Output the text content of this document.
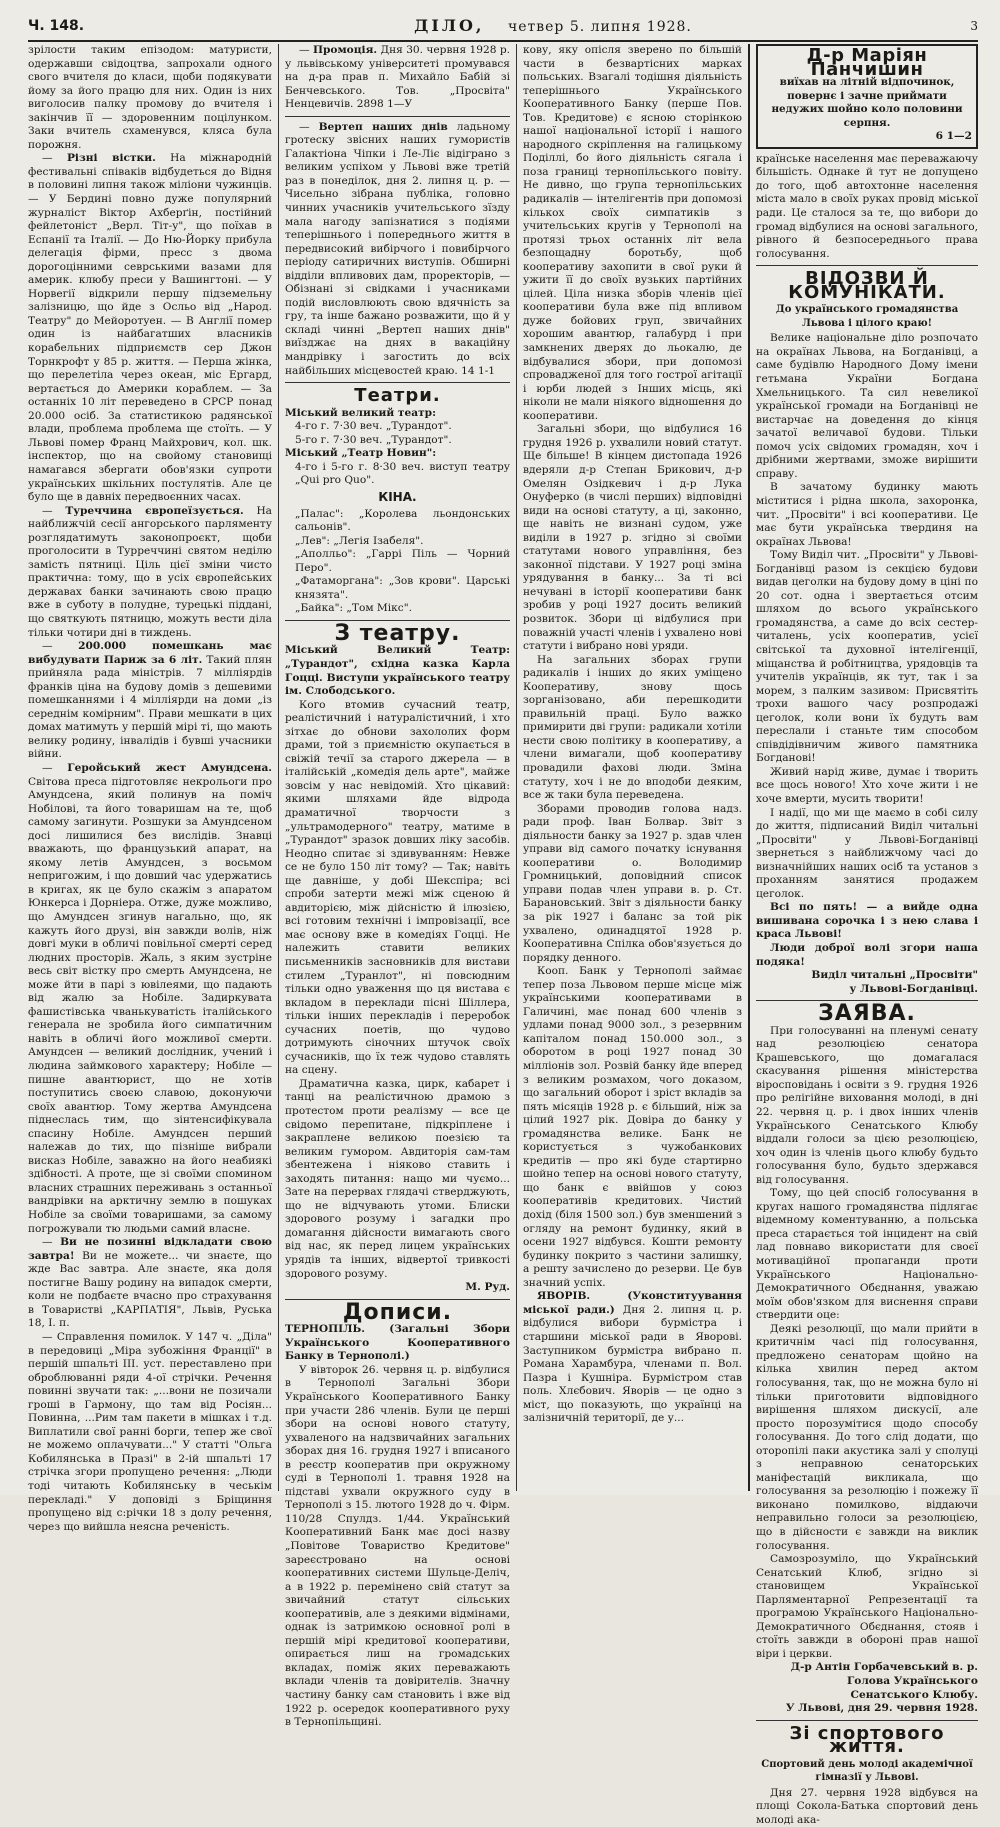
Ч. 148.	ДІЛО, четвер 5. липня 1928.	3

зрілости таким епізодом: матуристи, одержавши свідоцтва, запрохали одного свого вчителя до класи, щоби подякувати йому за його працю для них. Один із них виголосив палку промову до вчителя і закінчив її — здоровенним поцілунком. Заки вчитель схаменувся, кляса була порожня.

— Різні вістки. На міжнародній фестивальні співаків відбудеться до Відня в половині липня також міліони чужинців. — У Бердині повно дуже популярний журналіст Віктор Ахберґін, постійний фейлетоніст „Верл. Тіт-у", що поїхав в Еспанії та Італії. — До Ню-Йорку прибула делегація фірми, пресс з двома дорогоцінними севрськими вазами для америк. клюбу преси у Вашингтоні. — У Норвегії відкрили першу підземельну залізницю, що йде з Осльо від „Народ. Театру" до Мейоротуен. — В Англії помер один із найбагатших власників корабельних підприємств сер Джон Торнкрофт у 85 р. життя. — Перша жінка, що перелетіла через океан, міс Ергард, вертається до Америки кораблем. — За останніх 10 літ переведено в СРСР понад 20.000 осіб. За статистикою радянської влади, проблема проблема ще стоїть. — У Львові помер Франц Майхрович, кол. шк. інспектор, що на свойому становищі намагався збергати обов'язки супроти українських шкільних постулятів. Але це було ще в давніх передвоєнних часах.

— Туреччина європеїзується. На найближчій сесії ангорського парляменту розглядатимуть законопроєкт, щоби проголосити в Турреччині святом неділю замість пятниці. Ціль цієї зміни чисто практична: тому, що в усіх європейських державах банки зачинають свою працю вже в суботу в полудне, турецькі піддані, що святкують пятницю, можуть вести діла тільки чотири дні в тиждень.

— 200.000 помешкань має вибудувати Париж за 6 літ. Такий плян прийняла рада міністрів. 7 мілліярдів франків ціна на будову домів з дешевими помешканнями і 4 мілліярди на доми „із середнім комірним". Прави мешкати в цих домах матимуть у першій мірі ті, що мають велику родину, інвалідів і бувші учасники війни.

— Геройський жест Амундсена. Світова преса підготовляє некрольоги про Амундсена, який полинув на поміч Нобілові, та його товаришам на те, щоб самому загинути. Розшуки за Амундсеном досі лишилися без вислідів. Знавці вважають, що французький апарат, на якому летів Амундсен, з восьмом непригожим, і що довший час удержатись в кригах, як це було скажім з апаратом Юнкерса і Дорніера. Отже, дуже можливо, що Амундсен згинув нагально, що, як кажуть його друзі, він завжди волів, ніж довгі муки в обличі повільної смерті серед людних просторів. Жаль, з яким зустріне весь світ вістку про смерть Амундсена, не може йти в парі з ювілеями, що падають від жалю за Нобіле. Задиркувата фашистівська чванькуватість італійського генерала не зробила його симпатичним навіть в обличі його можливої смерти. Амундсен — великий дослідник, учений і людина займкового характеру; Нобіле — пишне авантюрист, що не хотів поступитись своєю славою, доконуючи своїх авантюр. Тому жертва Амундсена піднеслась тим, що зінтенсифікувала спасину Нобіле. Амундсен перший належав до тих, що пізніше вибрали висказ Нобіле, заважно на його неабиякі здібності. А проте, ще зі своїми спомином власних страшних переживань з останньої вандрівки на арктичну землю в пошуках Нобіле за своїми товаришами, за самому погрожували тю людьми самий власне.

— Ви не позинні відкладати свою завтра! Ви не можете... чи знаєте, що жде Вас завтра. Але знаєте, яка доля постигне Вашу родину на випадок смерти, коли не подбаєте вчасно про страхування в Товаристві „КАРПАТІЯ", Львів, Руська 18, I. п.

— Справлення помилок. У 147 ч. „Діла" в передовиці „Міра зубожіння Франції" в першій шпальті III. уст. переставлено при оброблюванні ряди 4-ої стрічки. Речення повинні звучати так: „...вони не позичали гроші в Гармону, що там від Росіян... Повинна, ...Рим там пакети в мішках і т.д. Виплатили свої ранні борги, тепер же свої не можемо оплачувати..." У статті "Ольга Кобилянська в Празі" в 2-ій шпальті 17 стрічка згори пропущено речення: „Люди тоді читають Кобилянську в чеськім перекладі." У доповіді з Бріщиння пропущено від с:річки 18 з долу речення, через що вийшла неясна реченість.

— Промоція. Дня 30. червня 1928 р. у львівському університеті промувався на д-ра прав п. Михайло Бабій зі Бенчевського. Тов. „Просвіта" Ненцевичів. 2898 1—У

— Вертеп наших днів ладьному гротеску звісних наших гумористів Галактіона Чіпки і Ле-Ліє відіграно з великим успіхом у Львові вже третій раз в понеділок, дня 2. липня ц. р. — Чисельно зібрана публіка, головно чинних учасників учительського зїзду мала нагоду запізнатися з подіями теперішнього і попереднього життя в передвисокий вибірчого і повибірчого періоду сатиричних виступів. Обширні відділи впливових дам, проректорів, — Обізнані зі свідками і учасниками подій висловлюють свою вдячність за гру, та інше бажано розважити, що й у складі чинні „Вертеп наших днів" виїзджає на днях в вакаційну мандрівку і загостить до всіх найбільших місцевостей краю. 14 1-1

Театри.

Міський великий театр:

4-го г. 7·30 веч. „Турандот".

5-го г. 7·30 веч. „Турандот".

Міський „Театр Новин":

4-го і 5-го г. 8·30 веч. виступ театру „Qui pro Quo".

КІНА.

„Палас": „Королева льондонських сальонів".

„Лев": „Легія Ізабеля".

„Аполльо": „Гаррі Піль — Чорний Перо".

„Фатаморгана": „Зов крови". Царські князята".

„Байка": „Том Мікс".

З театру.

Міський Великий Театр: „Турандот", східна казка Карла Гоцці. Виступи українського театру ім. Слободського.

Кого втомив сучасний театр, реалістичний і натуралістичний, і хто зітхає до обнови захололих форм драми, той з приємністю окупається в свіжій течії за старого джерела — в італійській „комедія дель арте", майже зовсім у нас невідомій. Хто цікавий: якими шляхами йде відрода драматичної творчости з „ультрамодерного" театру, матиме в „Турандот" зразок довших ліку засобів. Неодно спитає зі здивуванням: Невже се не було 150 літ тому? — Так; навіть ще давніше, у добі Шекспіра; всі спроби затерти межі між сценою й авдиторією, між дійсністю й ілюзією, всі готовим технічні і імпровізації, все має основу вже в комедіях Гоцці. Не належить ставити великих письменників засновників для вистави стилем „Туранлот", ні повсюдним тільки одно уваження що ця вистава є вкладом в переклади пісні Шіллера, тільки інших перекладів і переробок сучасних поетів, що чудово дотримують сіночних штучок своїх сучасників, що їх теж чудово ставлять на сцену.

Драматична казка, цирк, кабарет і танці на реалістичною драмою з протестом проти реалізму — все це свідомо перепитане, підкріплене і закраплене великою поезією та великим гумором. Авдиторія сам-там збентежена і ніяково ставить і заходять питання: нащо ми чуємо... Зате на перервах глядачі стверджують, що не відчувають утоми. Блиски здорового розуму і загадки про домагання дійсности вимагають свого від нас, як перед лицем українських урядів та інших, відвертої тривкості здорового розуму.

М. Руд.

Дописи.

ТЕРНОПІЛЬ. (Загальні Збори Українського Кооперативного Банку в Тернополі.)

У вівторок 26. червня ц. р. відбулися в Тернополі Загальні Збори Українського Кооперативного Банку при участи 286 членів. Були це перші збори на основі нового статуту, ухваленого на надзвичайних загальних зборах дня 16. грудня 1927 і вписаного в реєстр кооператив при окружному суді в Тернополі 1. травня 1928 на підставі ухвали окружного суду в Тернополі з 15. лютого 1928 до ч. Фірм. 110/28 Спулдз. 1/44. Український Кооперативний Банк має досі назву „Повітове Товариство Кредитове" зареєстровано на основі кооперативних системи Шульце-Деліч, а в 1922 р. перемінено свій статут за звичайний статут сільських кооперативів, але з деякими відмінами, однак із затримкою основної ролі в першій мірі кредитової кооперативи, опирається лиш на громадських вкладах, поміж яких переважають вклади членів та довірителів. Значну частину банку сам становить і вже від 1922 р. осередок кооперативного руху в Тернопільщині.

кову, яку опісля зверено по більшій части в безвартісних марках польських. Взагалі тодішня діяльність теперішнього Українського Кооперативного Банку (перше Пов. Тов. Кредитове) є ясною сторінкою нашої національної історії і нашого народного скріплення на галицькому Поділлі, бо його діяльність сягала і поза границі тернопільського повіту. Не дивно, що група тернопільських радикалів — інтелігентів при допомозі кількох своїх симпатиків з учительських кругів у Тернополі на протязі трьох останніх літ вела безпощадну боротьбу, щоб кооперативу захопити в свої руки й ужити її до своїх вузьких партійних цілей. Ціла низка зборів членів цієї кооперативи була вже під впливом дуже бойових груп, звичайних хорошим авантюр, галабурд і при замкнених дверях до льокалю, де відбувалися збори, при допомозі спровадженої для того гострої агітації і юрби людей з Інших місць, які ніколи не мали ніякого відношення до кооперативи.

Загальні збори, що відбулися 16 грудня 1926 р. ухвалили новий статут. Ще більше! В кінцем дистопада 1926 вдеряли д-р Степан Брикович, д-р Омелян Озідкевич і д-р Лука Онуферко (в числі перших) відповідні види на основі статуту, а ці, законно, ще навіть не визнані судом, уже виділи в 1927 р. згідно зі своїми статутами нового управління, без законної підстави. У 1927 році зміна урядування в банку... За ті всі нечувані в історії кооперативи банк зробив у році 1927 досить великий розвиток. Збори ці відбулися при поважній участі членів і ухвалено нові статути і вибрано нові уряди.

На загальних зборах групи радикалів і інших до яких уміщено Кооперативу, знову щось зорганізовано, аби перешкодити правильній праці. Було важко примирити дві групи: радикали хотіли нести свою політику в кооперативу, а члени вимагали, щоб кооперативу провадили фахові люди. Зміна статуту, хоч і не до вподоби деяким, все ж таки була переведена.

Зборами проводив голова надз. ради проф. Іван Болвар. Звіт з діяльности банку за 1927 р. здав член управи від самого початку існування кооперативи о. Володимир Громницький, доповідний список управи подав член управи в. р. Ст. Барановський. Звіт з діяльности банку за рік 1927 і баланс за той рік ухвалено, одинадцятої 1928 р. Кооперативна Спілка обов'язується до порядку денного.

Кооп. Банк у Тернополі займає тепер поза Львовом перше місце між українськими кооперативами в Галичині, має понад 600 членів з удлами понад 9000 зол., з резервним капіталом понад 150.000 зол., з оборотом в році 1927 понад 30 мілліонів зол. Розвій банку йде вперед з великим розмахом, чого доказом, що загальний оборот і зріст вкладів за пять місяців 1928 р. є більший, ніж за цілий 1927 рік. Довіра до банку у громадянства велике. Банк не користується з чужобанкових кредитів — про які буде стартирно шойно тепер на основі нового статуту, що банк є ввійшов у союз кооперативів кредитових. Чистий дохід (біля 1500 зол.) був зменшений з огляду на ремонт будинку, який в осени 1927 відбувся. Кошти ремонту будинку покрито з частини залишку, а решту зачислено до резерви. Це був значний успіх.

ЯВОРІВ. (Уконституування міської ради.) Дня 2. липня ц. р. відбулися вибори бурмістра і старшини міської ради в Яворові. Заступником бурмістра вибрано п. Романа Харамбура, членами п. Вол. Пазра і Кушніра. Бурмістром став поль. Хлєбович. Яворів — це одно з міст, що показують, що українці на залізничній території, де у...

Д-р Маріян Панчишин
виїхав на літній відпочинок, повернє і зачне приймати недужих шойно коло половини серпня.
6 1—2

країнське населення має переважаючу більшість. Однаке й тут не допущено до того, щоб автохтонне населення міста мало в своїх руках провід міської ради. Це сталося за те, що вибори до громад відбулися на основі загального, рівного й безпосереднього права голосування.

ВІДОЗВИ Й КОМУНІКАТИ.
До українського громадянства Львова і цілого краю!

Велике національне діло розпочато на окраїнах Львова, на Богданівці, а саме будівлю Народного Дому імени гетьмана України Богдана Хмельницького. Та сил невеликої української громади на Богданівці не вистарчає на доведення до кінця зачатої величавої будови. Тільки помоч усіх свідомих громадян, хоч і дрібними жертвами, зможе вирішити справу.

В зачатому будинку мають міститися і рідна школа, захоронка, чит. „Просвіти" і всі кооперативи. Це має бути українська твердиня на окраїнах Львова!

Тому Виділ чит. „Просвіти" у Львові-Богданівці разом із секцією будови видав цеголки на будову дому в ціні по 20 сот. одна і звертається отсим шляхом до всього українського громадянства, а саме до всіх сестер-читалень, усіх кооператив, усієї світської та духовної інтелігенції, міщанства й робітництва, урядовців та учителів українців, як тут, так і за морем, з палким зазивом: Присвятіть трохи вашого часу розпродажі цеголок, коли вони їх будуть вам переслали і станьте тим способом співдідівничим живого памятника Богданові!

Живий нарід живе, думає і творить все щось нового! Хто хоче жити і не хоче вмерти, мусить творити!

І надії, що ми ще маємо в собі силу до життя, підписаний Виділ читальні „Просвіти" у Львові-Богданівці звернеться з найближчому часі до визначнійших наших осіб та установ з проханням занятися продажем цеголок.

Всі по пять! — а вийде одна вишивана сорочка і з нею слава і краса Львові!

Люди доброї волі згори наша подяка!

Виділ читальні „Просвіти"

у Львові-Богданівці.

ЗАЯВА.

При голосуванні на пленумі сенату над резолюцією сенатора Крашевського, що домагалася скасування рішення міністерства віросповідань і освіти з 9. грудня 1926 про релігійне виховання молоді, в дні 22. червня ц. р. і двох інших членів Українського Сенатського Клюбу віддали голоси за цією резолюцією, хоч один із членів цього клюбу будьто голосування було, будьто здержався від голосування.

Тому, що цей спосіб голосування в кругах нашого громадянства підлягає відемному коментуванню, а польська преса старається той інцидент на свій лад повнаво використати для своєї мотиваційної пропаганди проти Українського Національно-Демократичного Обєднання, уважаю моїм обов'язком для виснення справи ствердити оце:

Деякі резолюції, що мали прийти в критичнім часі під голосування, предложено сенаторам щойно на кілька хвилин перед актом голосування, так, що не можна було ні тільки приготовити відповідного вирішення шляхом дискусії, але просто порозумітися щодо способу голосування. До того слід додати, що оторопілі паки акустика залі у сполуці з неправною сенаторських маніфестацій викликала, що голосування за резолюцію і пожежу її виконано помилково, віддаючи неправильно голоси за резолюцією, що в дійсности є завжди на виклик голосування.

Самозрозуміло, що Український Сенатський Клюб, згідно зі становищем Української Парляментарної Репрезентації та програмою Українського Національно-Демократичного Обєднання, стояв і стоїть завжди в обороні прав нашої віри і церкви.

Д-р Антін Горбачевський в. р.

Голова Українського Сенатського Клюбу.

У Львові, дня 29. червня 1928.

Зі спортового життя.
Спортовий день молоді академічної гімназії у Львові.

Дня 27. червня 1928 відбувся на площі Сокола-Батька спортовий день молоді ака-
